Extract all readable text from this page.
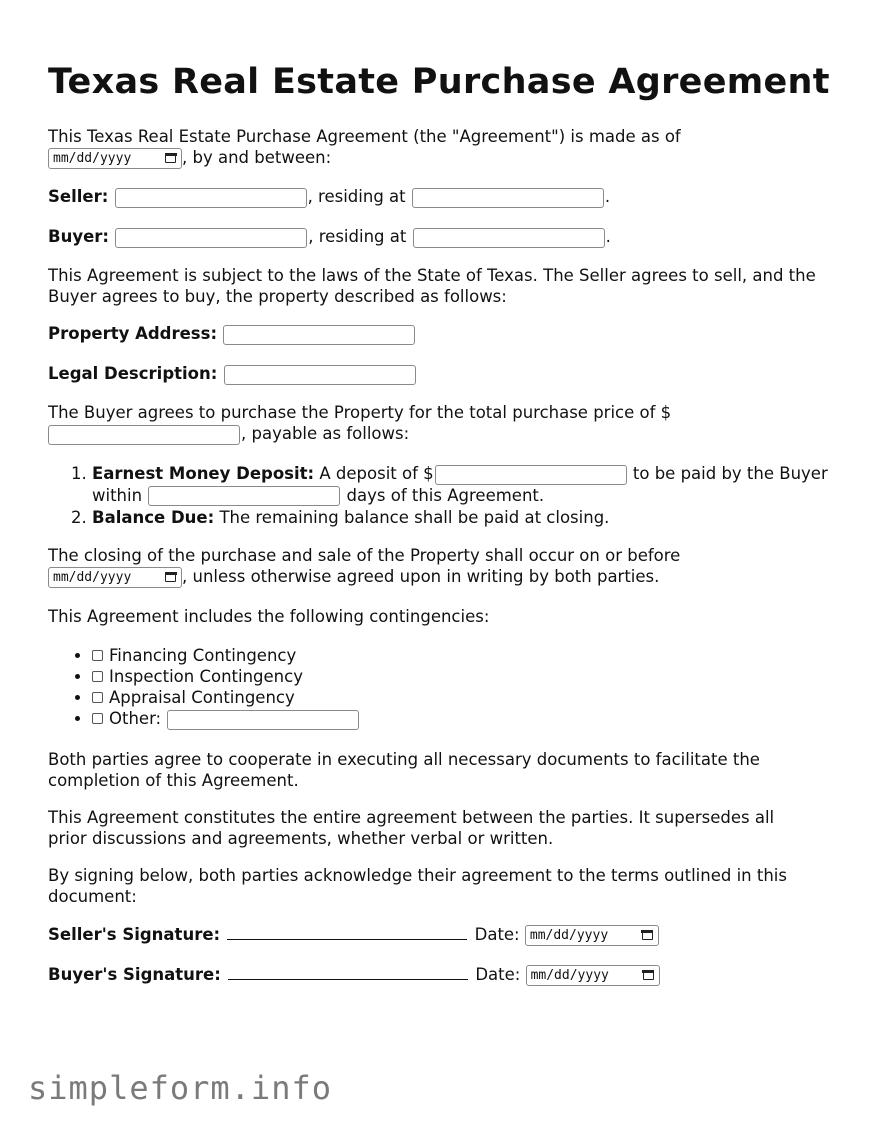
Texas Real Estate Purchase Agreement
This Texas Real Estate Purchase Agreement (the "Agreement") is made as of
mm/dd/yyyy	, by and between:
Seller:	, residing at	.
Buyer:	, residing at	.
This Agreement is subject to the laws of the State of Texas. The Seller agrees to sell, and the Buyer agrees to buy, the property described as follows:
Property Address:
Legal Description:
The Buyer agrees to purchase the Property for the total purchase price of $
, payable as follows:
1. Earnest Money Deposit: A deposit of $	to be paid by the Buyer within	days of this Agreement.
2. Balance Due: The remaining balance shall be paid at closing.
The closing of the purchase and sale of the Property shall occur on or before
mm/dd/yyyy	, unless otherwise agreed upon in writing by both parties.
This Agreement includes the following contingencies:
• Financing Contingency
• Inspection Contingency
• Appraisal Contingency
• Other:
Both parties agree to cooperate in executing all necessary documents to facilitate the completion of this Agreement.
This Agreement constitutes the entire agreement between the parties. It supersedes all prior discussions and agreements, whether verbal or written.
By signing below, both parties acknowledge their agreement to the terms outlined in this document:
Seller's Signature:	Date: mm/dd/yyyy
Buyer's Signature:	Date: mm/dd/yyyy
simpleform.info
